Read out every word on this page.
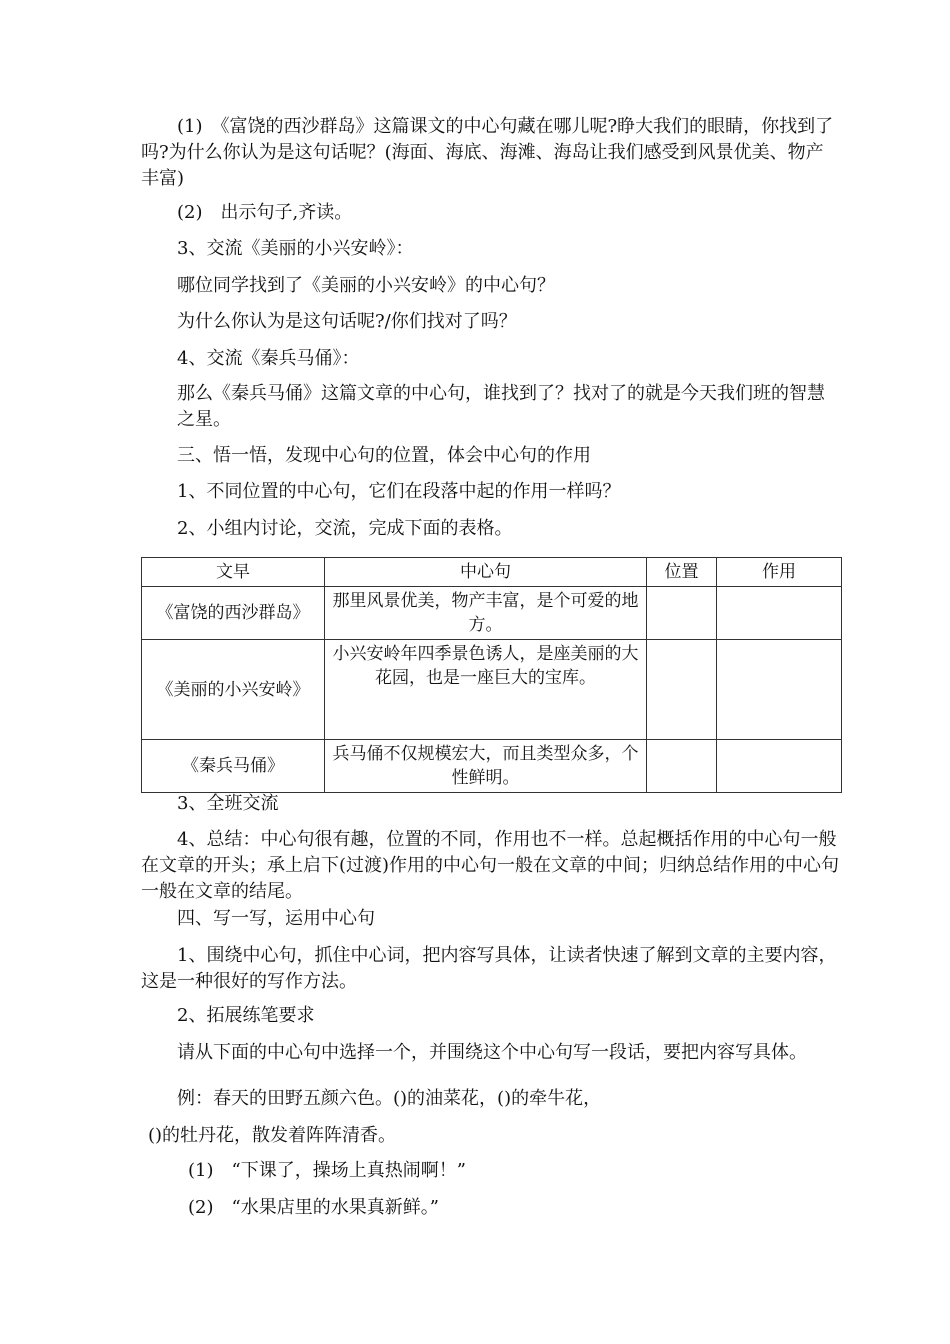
(1)　《富饶的西沙群岛》这篇课文的中心句藏在哪儿呢?睁大我们的眼睛，你找到了吗?为什么你认为是这句话呢？(海面、海底、海滩、海岛让我们感受到风景优美、物产丰富)

(2)　出示句子,齐读。

3、交流《美丽的小兴安岭》：

哪位同学找到了《美丽的小兴安岭》的中心句？

为什么你认为是这句话呢?/你们找对了吗？

4、交流《秦兵马俑》：

那么《秦兵马俑》这篇文章的中心句，谁找到了？找对了的就是今天我们班的智慧之星。

三、悟一悟，发现中心句的位置，体会中心句的作用

1、不同位置的中心句，它们在段落中起的作用一样吗？

2、小组内讨论，交流，完成下面的表格。

文早	中心句	位置	作用
《富饶的西沙群岛》	那里风景优美，物产丰富，是个可爱的地方。		
《美丽的小兴安岭》	小兴安岭年四季景色诱人，是座美丽的大花园，也是一座巨大的宝库。		
《秦兵马俑》	兵马俑不仅规模宏大，而且类型众多，个性鲜明。		

3、全班交流

4、总结：中心句很有趣，位置的不同，作用也不一样。总起概括作用的中心句一般在文章的开头；承上启下(过渡)作用的中心句一般在文章的中间；归纳总结作用的中心句一般在文章的结尾。

四、写一写，运用中心句

1、围绕中心句，抓住中心词，把内容写具体，让读者快速了解到文章的主要内容，这是一种很好的写作方法。

2、拓展练笔要求

请从下面的中心句中选择一个，并围绕这个中心句写一段话，要把内容写具体。

例：春天的田野五颜六色。()的油菜花，()的牵牛花，

()的牡丹花，散发着阵阵清香。

(1)　“下课了，操场上真热闹啊！”

(2)　“水果店里的水果真新鲜。”
